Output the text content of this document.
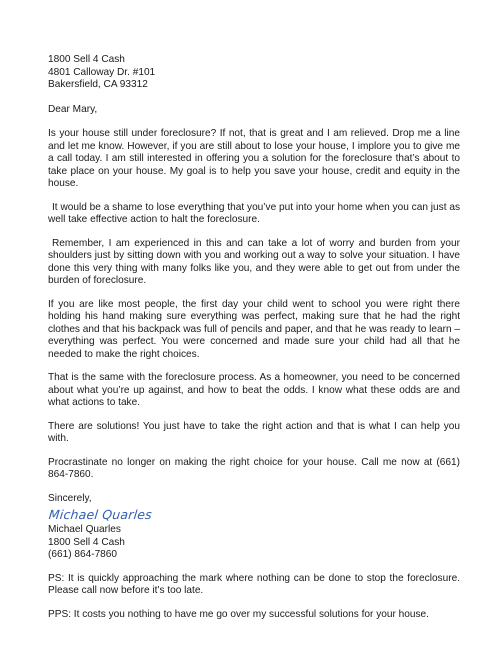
1800 Sell 4 Cash
4801 Calloway Dr. #101
Bakersfield, CA 93312
Dear Mary,
Is your house still under foreclosure? If not, that is great and I am relieved. Drop me a line and let me know. However, if you are still about to lose your house, I implore you to give me a call today. I am still interested in offering you a solution for the foreclosure that’s about to take place on your house. My goal is to help you save your house, credit and equity in the house.
It would be a shame to lose everything that you’ve put into your home when you can just as well take effective action to halt the foreclosure.
Remember, I am experienced in this and can take a lot of worry and burden from your shoulders just by sitting down with you and working out a way to solve your situation. I have done this very thing with many folks like you, and they were able to get out from under the burden of foreclosure.
If you are like most people, the first day your child went to school you were right there holding his hand making sure everything was perfect, making sure that he had the right clothes and that his backpack was full of pencils and paper, and that he was ready to learn – everything was perfect. You were concerned and made sure your child had all that he needed to make the right choices.
That is the same with the foreclosure process. As a homeowner, you need to be concerned about what you’re up against, and how to beat the odds. I know what these odds are and what actions to take.
There are solutions! You just have to take the right action and that is what I can help you with.
Procrastinate no longer on making the right choice for your house. Call me now at (661) 864-7860.
Sincerely,
Michael Quarles
Michael Quarles
1800 Sell 4 Cash
(661) 864-7860
PS: It is quickly approaching the mark where nothing can be done to stop the foreclosure. Please call now before it’s too late.
PPS: It costs you nothing to have me go over my successful solutions for your house.
